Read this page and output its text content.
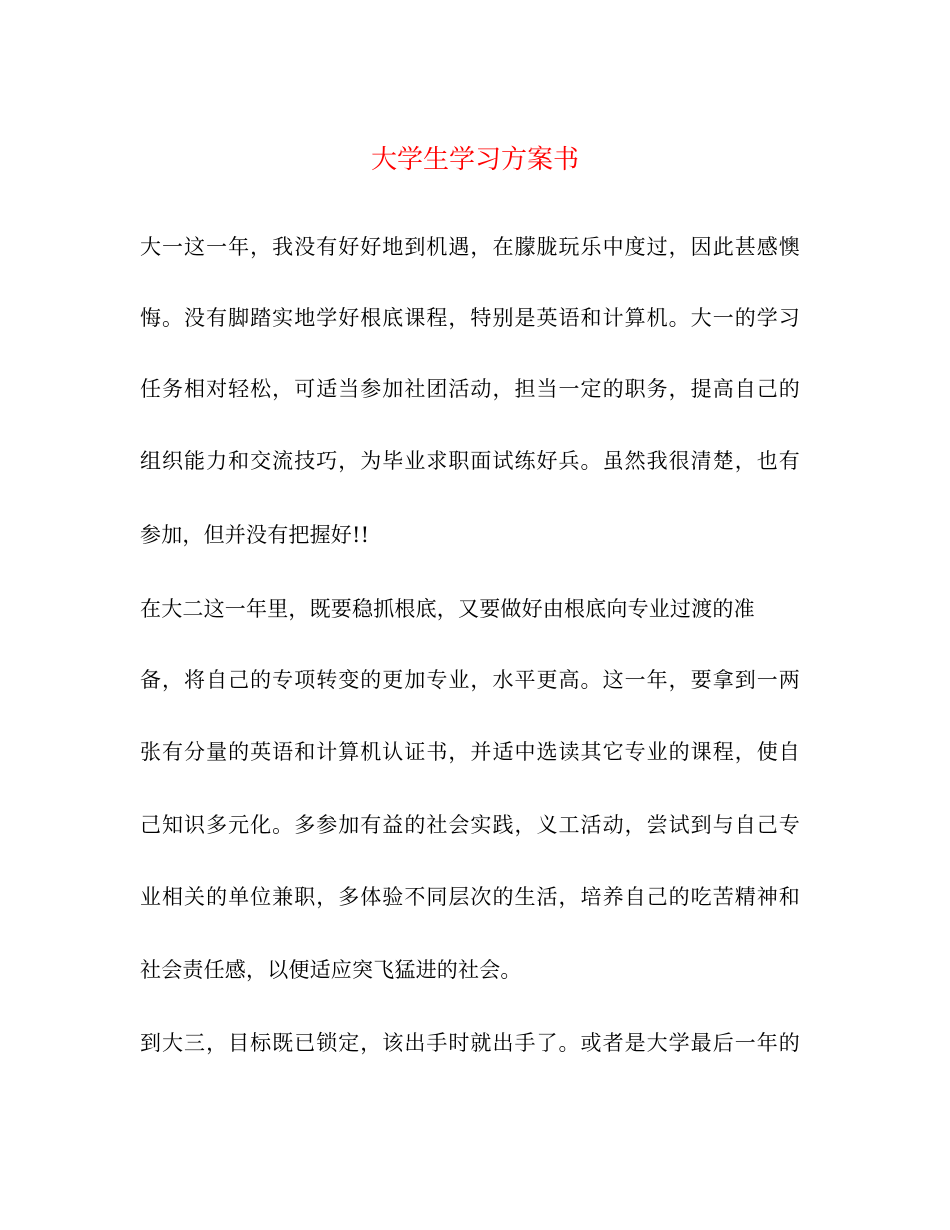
大学生学习方案书

大一这一年，我没有好好地到机遇，在朦胧玩乐中度过，因此甚感懊

悔。没有脚踏实地学好根底课程，特别是英语和计算机。大一的学习

任务相对轻松，可适当参加社团活动，担当一定的职务，提高自己的

组织能力和交流技巧，为毕业求职面试练好兵。虽然我很清楚，也有

参加，但并没有把握好!!

在大二这一年里，既要稳抓根底，又要做好由根底向专业过渡的准

备，将自己的专项转变的更加专业，水平更高。这一年，要拿到一两

张有分量的英语和计算机认证书，并适中选读其它专业的课程，使自

己知识多元化。多参加有益的社会实践，义工活动，尝试到与自己专

业相关的单位兼职，多体验不同层次的生活，培养自己的吃苦精神和

社会责任感，以便适应突飞猛进的社会。

到大三，目标既已锁定，该出手时就出手了。或者是大学最后一年的
